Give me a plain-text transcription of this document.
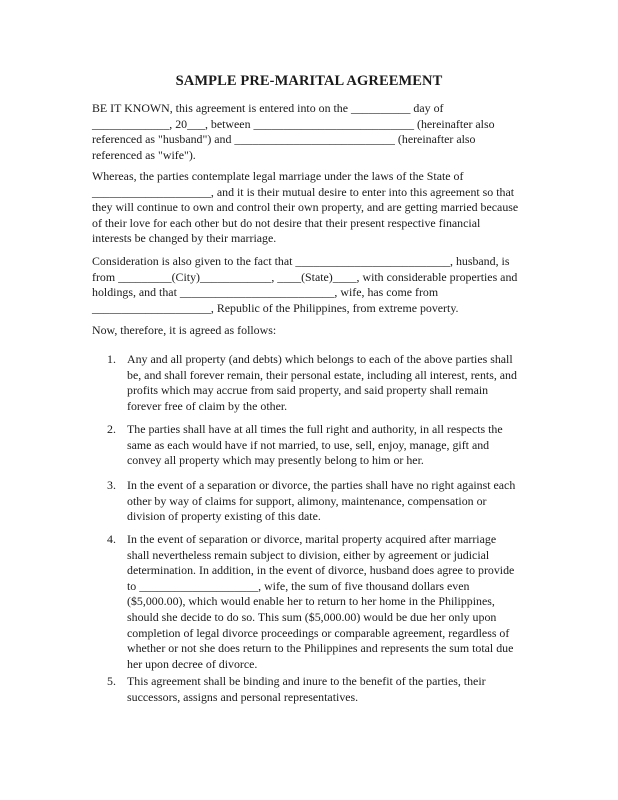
SAMPLE PRE-MARITAL AGREEMENT
BE IT KNOWN, this agreement is entered into on the __________ day of
_____________, 20___, between ___________________________ (hereinafter also
referenced as "husband") and ___________________________ (hereinafter also
referenced as "wife").
Whereas, the parties contemplate legal marriage under the laws of the State of
____________________, and it is their mutual desire to enter into this agreement so that
they will continue to own and control their own property, and are getting married because
of their love for each other but do not desire that their present respective financial
interests be changed by their marriage.
Consideration is also given to the fact that __________________________, husband, is
from _________(City)____________, ____(State)____, with considerable properties and
holdings, and that __________________________, wife, has come from
____________________, Republic of the Philippines, from extreme poverty.
Now, therefore, it is agreed as follows:
1. Any and all property (and debts) which belongs to each of the above parties shall
be, and shall forever remain, their personal estate, including all interest, rents, and
profits which may accrue from said property, and said property shall remain
forever free of claim by the other.
2. The parties shall have at all times the full right and authority, in all respects the
same as each would have if not married, to use, sell, enjoy, manage, gift and
convey all property which may presently belong to him or her.
3. In the event of a separation or divorce, the parties shall have no right against each
other by way of claims for support, alimony, maintenance, compensation or
division of property existing of this date.
4. In the event of separation or divorce, marital property acquired after marriage
shall nevertheless remain subject to division, either by agreement or judicial
determination. In addition, in the event of divorce, husband does agree to provide
to ____________________, wife, the sum of five thousand dollars even
($5,000.00), which would enable her to return to her home in the Philippines,
should she decide to do so. This sum ($5,000.00) would be due her only upon
completion of legal divorce proceedings or comparable agreement, regardless of
whether or not she does return to the Philippines and represents the sum total due
her upon decree of divorce.
5. This agreement shall be binding and inure to the benefit of the parties, their
successors, assigns and personal representatives.
